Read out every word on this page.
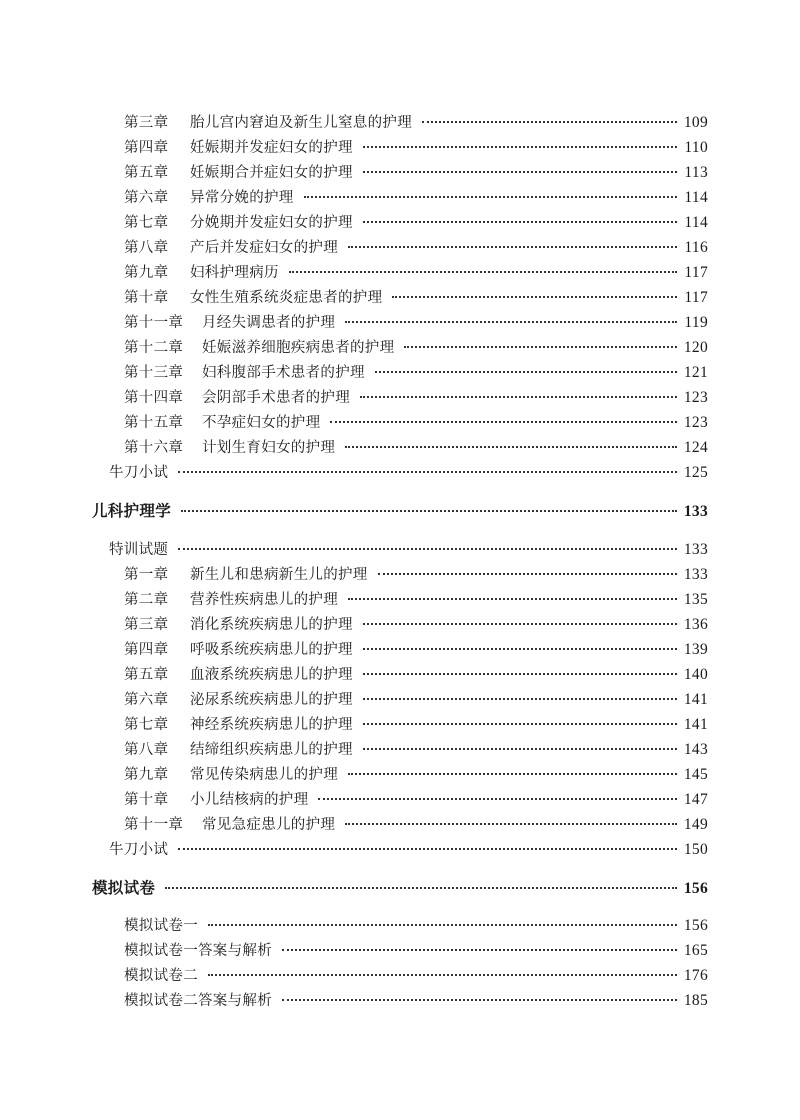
第三章	胎儿宫内窘迫及新生儿窒息的护理	109
第四章	妊娠期并发症妇女的护理	110
第五章	妊娠期合并症妇女的护理	113
第六章	异常分娩的护理	114
第七章	分娩期并发症妇女的护理	114
第八章	产后并发症妇女的护理	116
第九章	妇科护理病历	117
第十章	女性生殖系统炎症患者的护理	117
第十一章	月经失调患者的护理	119
第十二章	妊娠滋养细胞疾病患者的护理	120
第十三章	妇科腹部手术患者的护理	121
第十四章	会阴部手术患者的护理	123
第十五章	不孕症妇女的护理	123
第十六章	计划生育妇女的护理	124
牛刀小试	125
儿科护理学	133
特训试题	133
第一章	新生儿和患病新生儿的护理	133
第二章	营养性疾病患儿的护理	135
第三章	消化系统疾病患儿的护理	136
第四章	呼吸系统疾病患儿的护理	139
第五章	血液系统疾病患儿的护理	140
第六章	泌尿系统疾病患儿的护理	141
第七章	神经系统疾病患儿的护理	141
第八章	结缔组织疾病患儿的护理	143
第九章	常见传染病患儿的护理	145
第十章	小儿结核病的护理	147
第十一章	常见急症患儿的护理	149
牛刀小试	150
模拟试卷	156
模拟试卷一	156
模拟试卷一答案与解析	165
模拟试卷二	176
模拟试卷二答案与解析	185
